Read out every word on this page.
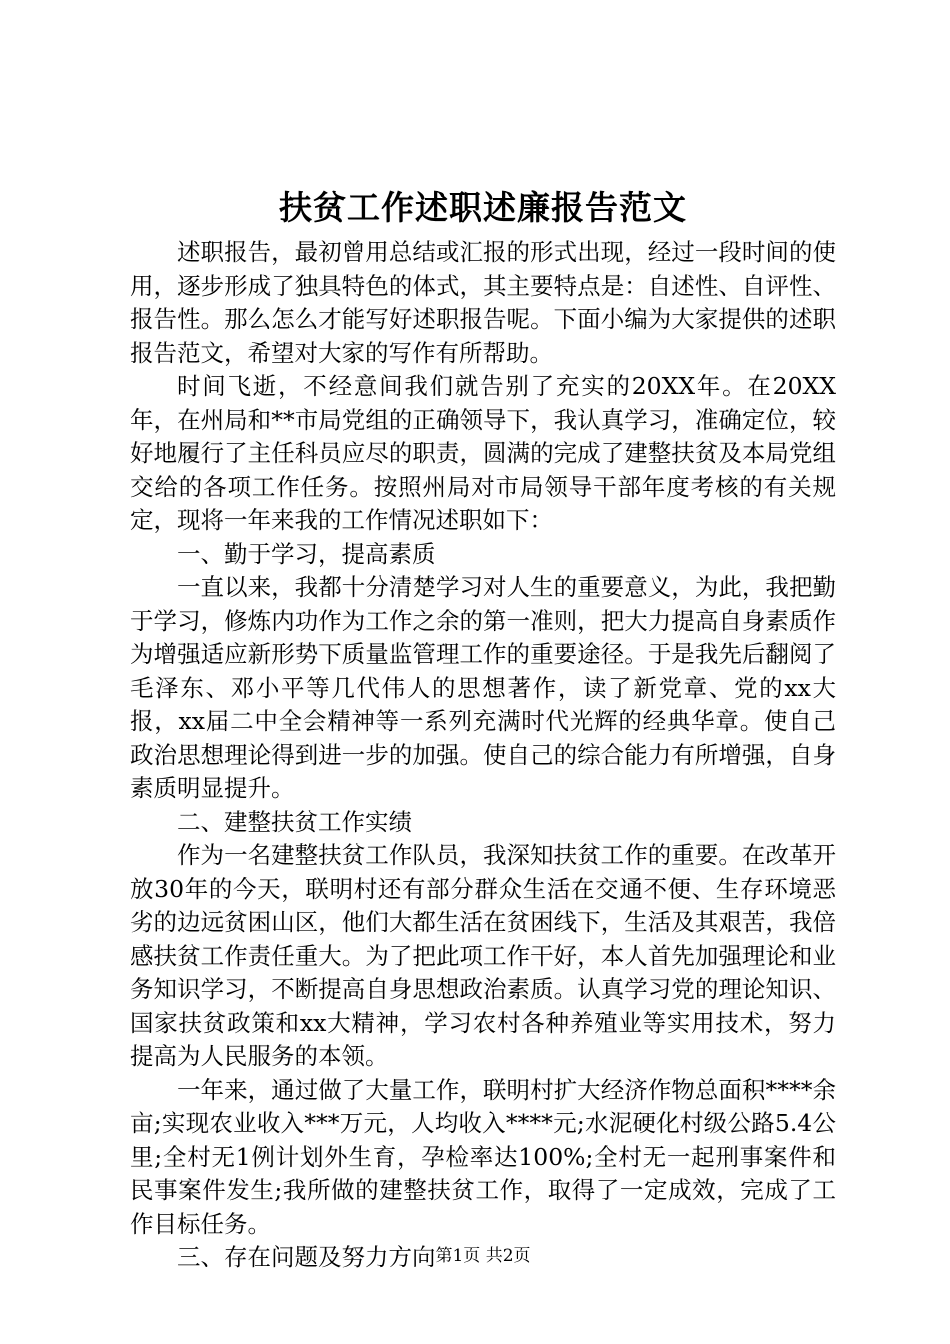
扶贫工作述职述廉报告范文

述职报告，最初曾用总结或汇报的形式出现，经过一段时间的使用，逐步形成了独具特色的体式，其主要特点是：自述性、自评性、报告性。那么怎么才能写好述职报告呢。下面小编为大家提供的述职报告范文，希望对大家的写作有所帮助。

时间飞逝，不经意间我们就告别了充实的20XX年。在20XX年，在州局和**市局党组的正确领导下，我认真学习，准确定位，较好地履行了主任科员应尽的职责，圆满的完成了建整扶贫及本局党组交给的各项工作任务。按照州局对市局领导干部年度考核的有关规定，现将一年来我的工作情况述职如下：

一、勤于学习，提高素质

一直以来，我都十分清楚学习对人生的重要意义，为此，我把勤于学习，修炼内功作为工作之余的第一准则，把大力提高自身素质作为增强适应新形势下质量监管理工作的重要途径。于是我先后翻阅了毛泽东、邓小平等几代伟人的思想著作，读了新党章、党的xx大报，xx届二中全会精神等一系列充满时代光辉的经典华章。使自己政治思想理论得到进一步的加强。使自己的综合能力有所增强，自身素质明显提升。

二、建整扶贫工作实绩

作为一名建整扶贫工作队员，我深知扶贫工作的重要。在改革开放30年的今天，联明村还有部分群众生活在交通不便、生存环境恶劣的边远贫困山区，他们大都生活在贫困线下，生活及其艰苦，我倍感扶贫工作责任重大。为了把此项工作干好，本人首先加强理论和业务知识学习，不断提高自身思想政治素质。认真学习党的理论知识、国家扶贫政策和xx大精神，学习农村各种养殖业等实用技术，努力提高为人民服务的本领。

一年来，通过做了大量工作，联明村扩大经济作物总面积****余亩;实现农业收入***万元，人均收入****元;水泥硬化村级公路5.4公里;全村无1例计划外生育，孕检率达100%;全村无一起刑事案件和民事案件发生;我所做的建整扶贫工作，取得了一定成效，完成了工作目标任务。

三、存在问题及努力方向 第1页 共2页
